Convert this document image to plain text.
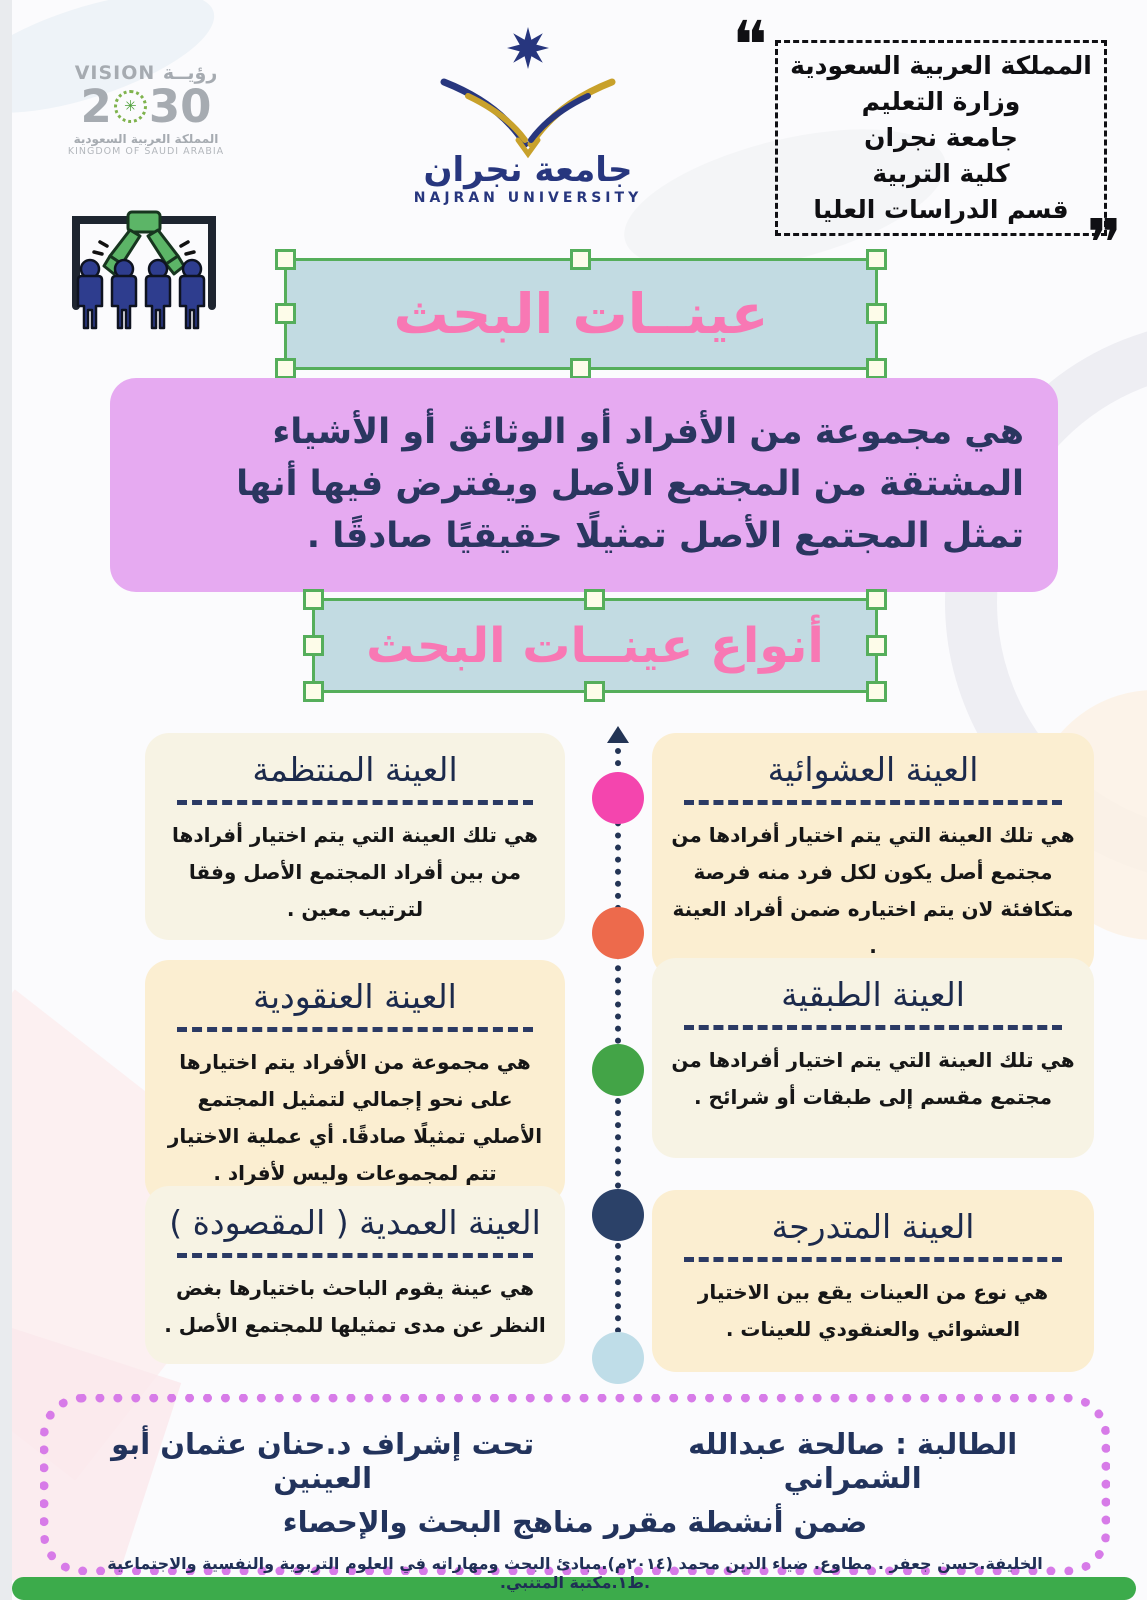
VISION رؤيــة
2 ✳ 30
المملكة العربية السعودية
KINGDOM OF SAUDI ARABIA	جامعة نجران
NAJRAN UNIVERSITY
❝
❞
المملكة العربية السعودية
وزارة التعليم
جامعة نجران
كلية التربية
قسم الدراسات العليا
عينــات البحث
هي مجموعة من الأفراد أو الوثائق أو الأشياء المشتقة من المجتمع الأصل ويفترض فيها أنها تمثل المجتمع الأصل تمثيلًا حقيقيًا صادقًا .
أنواع عينــات البحث
العينة المنتظمة
هي تلك العينة التي يتم اختيار أفرادها من بين أفراد المجتمع الأصل وفقا لترتيب معين .
العينة العشوائية
هي تلك العينة التي يتم اختيار أفرادها من مجتمع أصل يكون لكل فرد منه فرصة متكافئة لان يتم اختياره ضمن أفراد العينة .
العينة العنقودية
هي مجموعة من الأفراد يتم اختيارها على نحو إجمالي لتمثيل المجتمع الأصلي تمثيلًا صادقًا. أي عملية الاختيار تتم لمجموعات وليس لأفراد .
العينة الطبقية
هي تلك العينة التي يتم اختيار أفرادها من مجتمع مقسم إلى طبقات أو شرائح .
العينة العمدية ( المقصودة )
هي عينة يقوم الباحث باختيارها بغض النظر عن مدى تمثيلها للمجتمع الأصل .
العينة المتدرجة
هي نوع من العينات يقع بين الاختيار العشوائي والعنقودي للعينات .
الطالبة : صالحة عبدالله الشمراني
تحت إشراف د.حنان عثمان أبو العينين
ضمن أنشطة مقرر مناهج البحث والإحصاء
الخليفة.حسن جعفر . مطاوع. ضياء الدين محمد (٢٠١٤م).مبادئ البحث ومهاراته في العلوم التربوية والنفسية والاجتماعية .ط١.مكتبة المتنبي.
